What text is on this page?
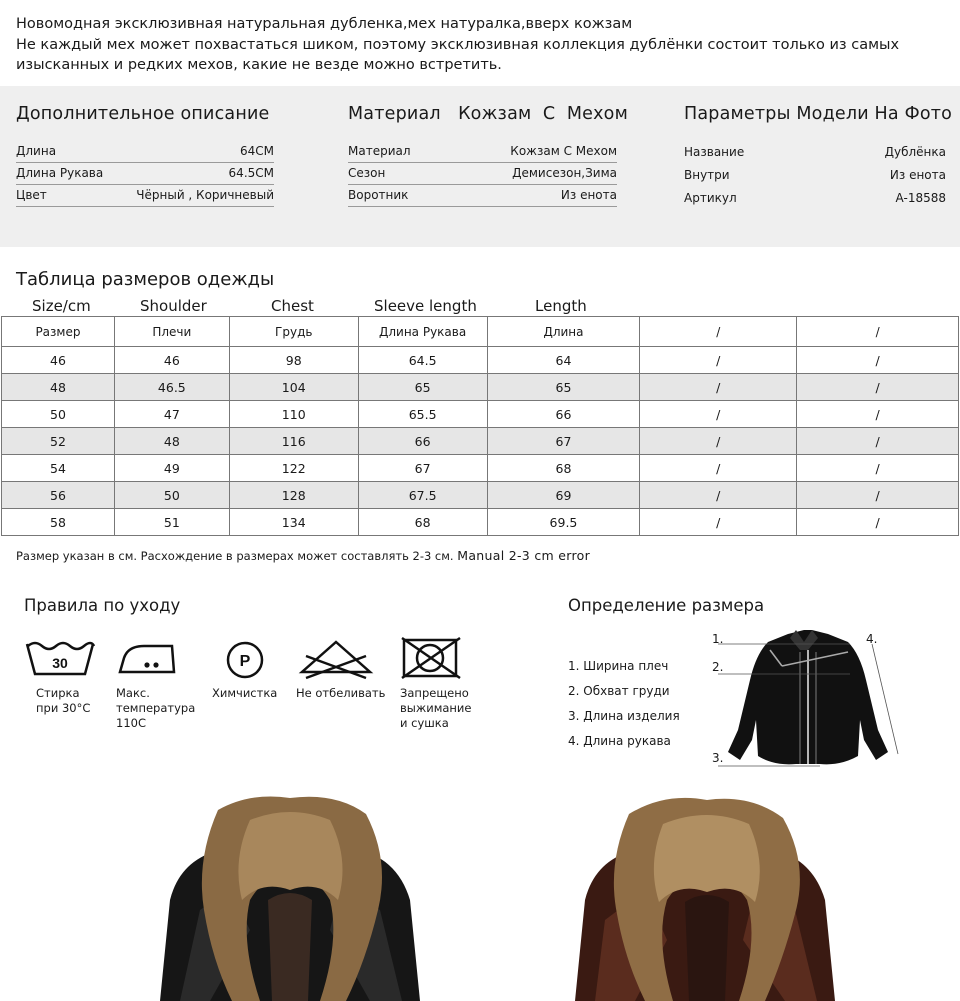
Новомодная эксклюзивная натуральная дубленка,мех натуралка,вверх кожзам

Не каждый мех может похвастаться шиком, поэтому эксклюзивная коллекция дублёнки состоит только из самых изысканных и редких мехов, какие не везде можно встретить.

Дополнительное описание
Длина	64CM
Длина Рукава	64.5CM
Цвет	Чёрный , Коричневый
Материал   Кожзам  С  Мехом
Материал	Кожзам С Мехом
Сезон	Демисезон,Зима
Воротник	Из енота
Параметры Модели На Фото
Название	Дублёнка
Внутри	Из енота
Артикул	A-18588
Таблица размеров одежды
Size/cm	Shoulder	Chest	Sleeve length	Length
Размер	Плечи	Грудь	Длина Рукава	Длина	/	/
46	46	98	64.5	64	/	/
48	46.5	104	65	65	/	/
50	47	110	65.5	66	/	/
52	48	116	66	67	/	/
54	49	122	67	68	/	/
56	50	128	67.5	69	/	/
58	51	134	68	69.5	/	/
Размер указан в см. Расхождение в размерах может составлять 2-3 см. Manual 2-3 cm error
Правила по уходу
30
Стирка
при 30°C
Макс.
температура
110С
P
Химчистка Не отбеливать Запрещено
выжимание
и сушка
Определение размера
1. Ширина плеч
2. Обхват груди
3. Длина изделия
4. Длина рукава
1.
2.
3.
4.
